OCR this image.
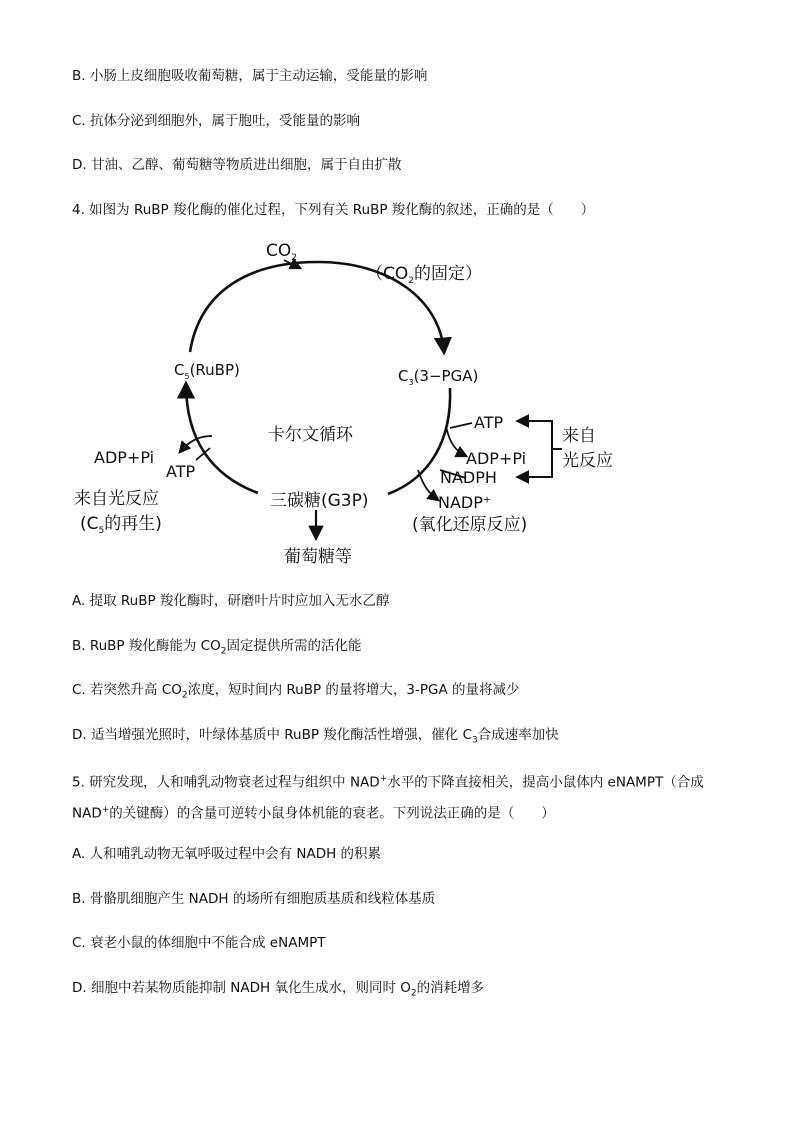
B. 小肠上皮细胞吸收葡萄糖，属于主动运输，受能量的影响
C. 抗体分泌到细胞外，属于胞吐，受能量的影响
D. 甘油、乙醇、葡萄糖等物质进出细胞，属于自由扩散
4. 如图为 RuBP 羧化酶的催化过程，下列有关 RuBP 羧化酶的叙述，正确的是（　　）
$CO_2$
（$CO_2$的固定）
$C_5(RuBP)$	$C_3(3-PGA)$
卡尔文循环
ATP
ADP+Pi
NADPH
NADP⁺
来自
光反应
(氧化还原反应)
三碳糖(G3P)
葡萄糖等
ADP+Pi
ATP
来自光反应
($C_5$的再生)
A. 提取 RuBP 羧化酶时，研磨叶片时应加入无水乙醇
B. RuBP 羧化酶能为 $CO_2$固定提供所需的活化能
C. 若突然升高 $CO_2$浓度，短时间内 RuBP 的量将增大，3-PGA 的量将减少
D. 适当增强光照时，叶绿体基质中 RuBP 羧化酶活性增强，催化 $C_3$合成速率加快
5. 研究发现，人和哺乳动物衰老过程与组织中 NAD+水平的下降直接相关，提高小鼠体内 eNAMPT（合成
NAD+的关键酶）的含量可逆转小鼠身体机能的衰老。下列说法正确的是（　　）
A. 人和哺乳动物无氧呼吸过程中会有 NADH 的积累
B. 骨骼肌细胞产生 NADH 的场所有细胞质基质和线粒体基质
C. 衰老小鼠的体细胞中不能合成 eNAMPT
D. 细胞中若某物质能抑制 NADH 氧化生成水，则同时 $O_2$的消耗增多
